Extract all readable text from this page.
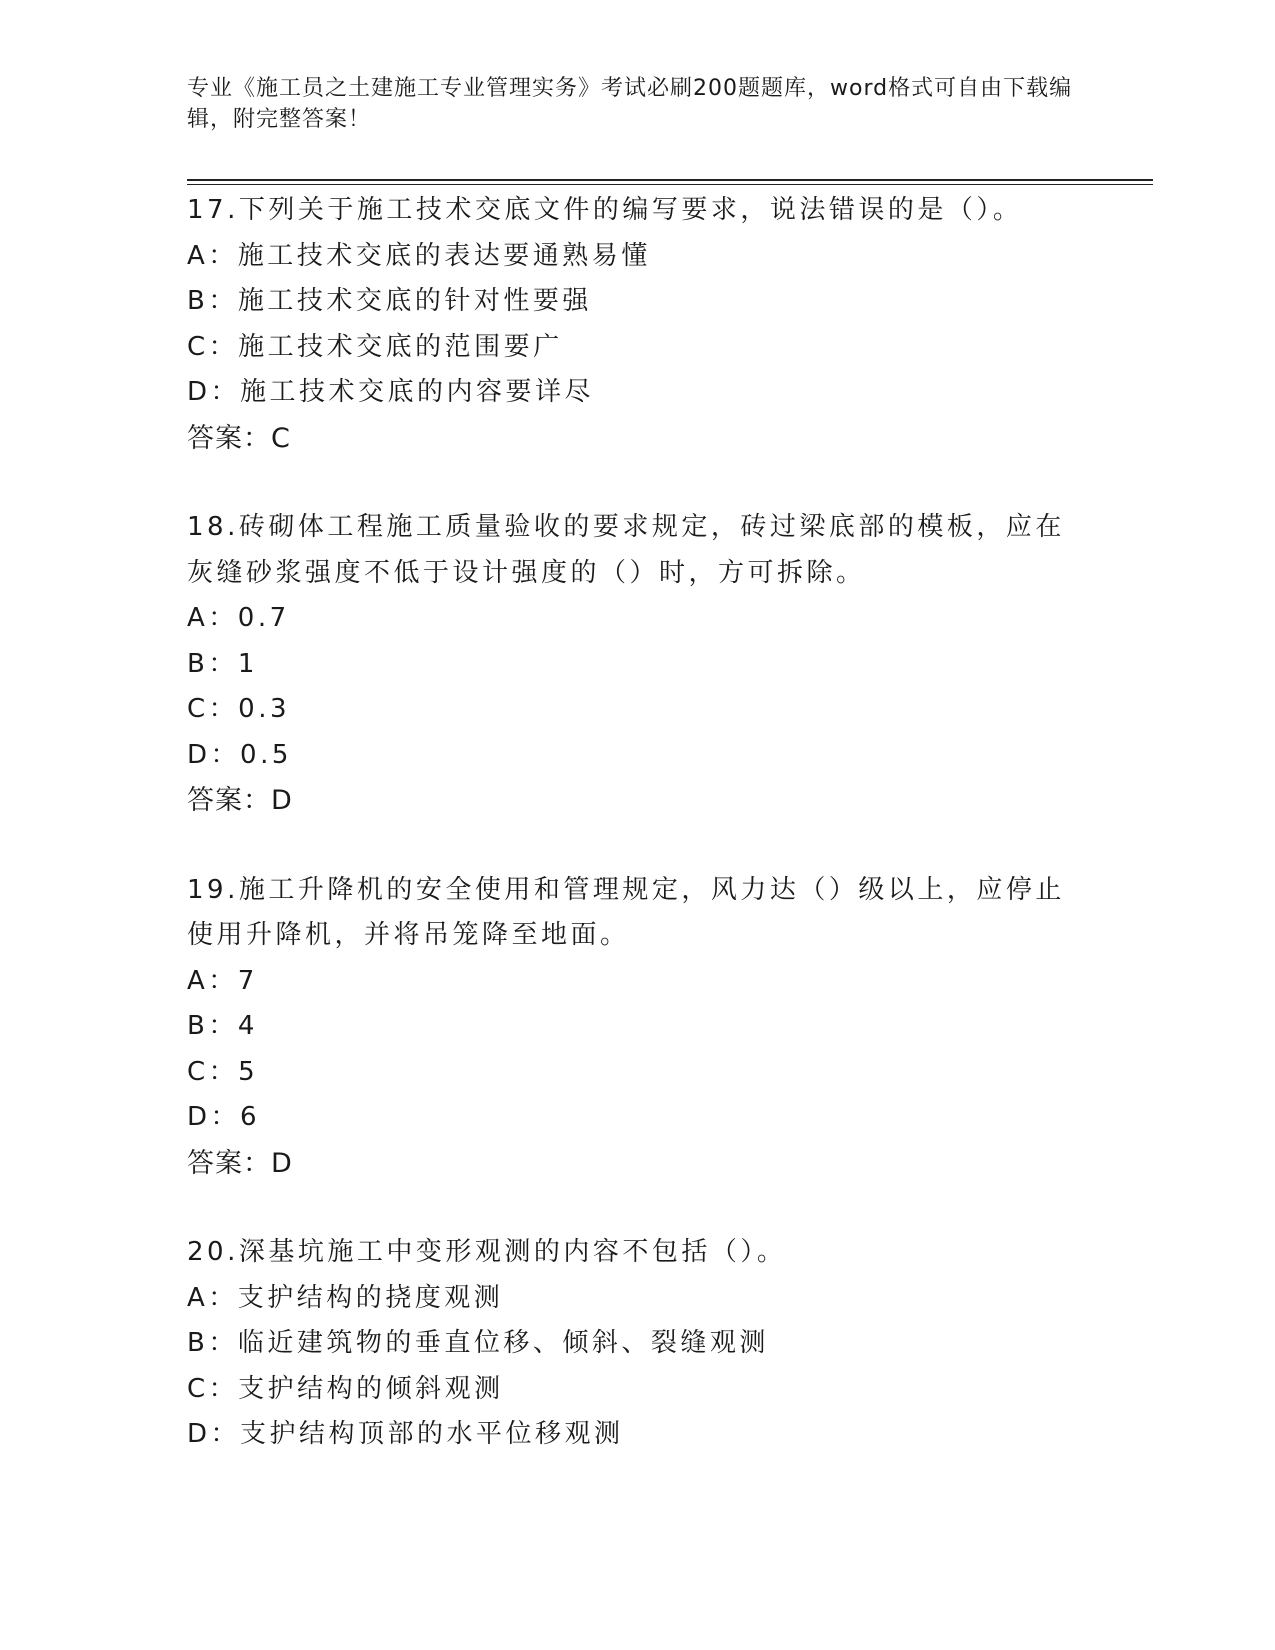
专业《施工员之土建施工专业管理实务》考试必刷200题题库，word格式可自由下载编辑，附完整答案！

17.下列关于施工技术交底文件的编写要求，说法错误的是（）。

A：施工技术交底的表达要通熟易懂

B：施工技术交底的针对性要强

C：施工技术交底的范围要广

D：施工技术交底的内容要详尽

答案：C

18.砖砌体工程施工质量验收的要求规定，砖过梁底部的模板，应在灰缝砂浆强度不低于设计强度的（）时，方可拆除。

A：0.7

B：1

C：0.3

D：0.5

答案：D

19.施工升降机的安全使用和管理规定，风力达（）级以上，应停止使用升降机，并将吊笼降至地面。

A：7

B：4

C：5

D：6

答案：D

20.深基坑施工中变形观测的内容不包括（）。

A：支护结构的挠度观测

B：临近建筑物的垂直位移、倾斜、裂缝观测

C：支护结构的倾斜观测

D：支护结构顶部的水平位移观测
